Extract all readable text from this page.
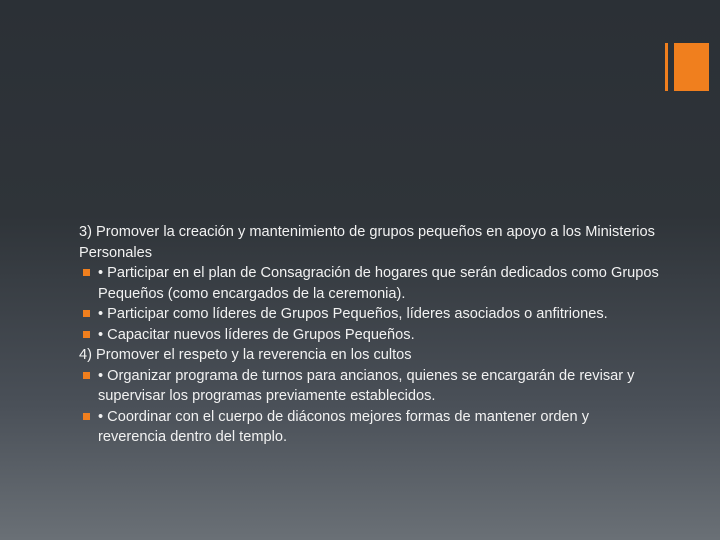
3) Promover la creación y mantenimiento de grupos pequeños en apoyo a los Ministerios Personales

• Participar en el plan de Consagración de hogares que serán dedicados como Grupos Pequeños (como encargados de la ceremonia).
• Participar como líderes de Grupos Pequeños, líderes asociados o anfitriones.
• Capacitar nuevos líderes de Grupos Pequeños.

4) Promover el respeto y la reverencia en los cultos

• Organizar programa de turnos para ancianos, quienes se encargarán de revisar y supervisar los programas previamente establecidos.
• Coordinar con el cuerpo de diáconos mejores formas de mantener orden y reverencia dentro del templo.
